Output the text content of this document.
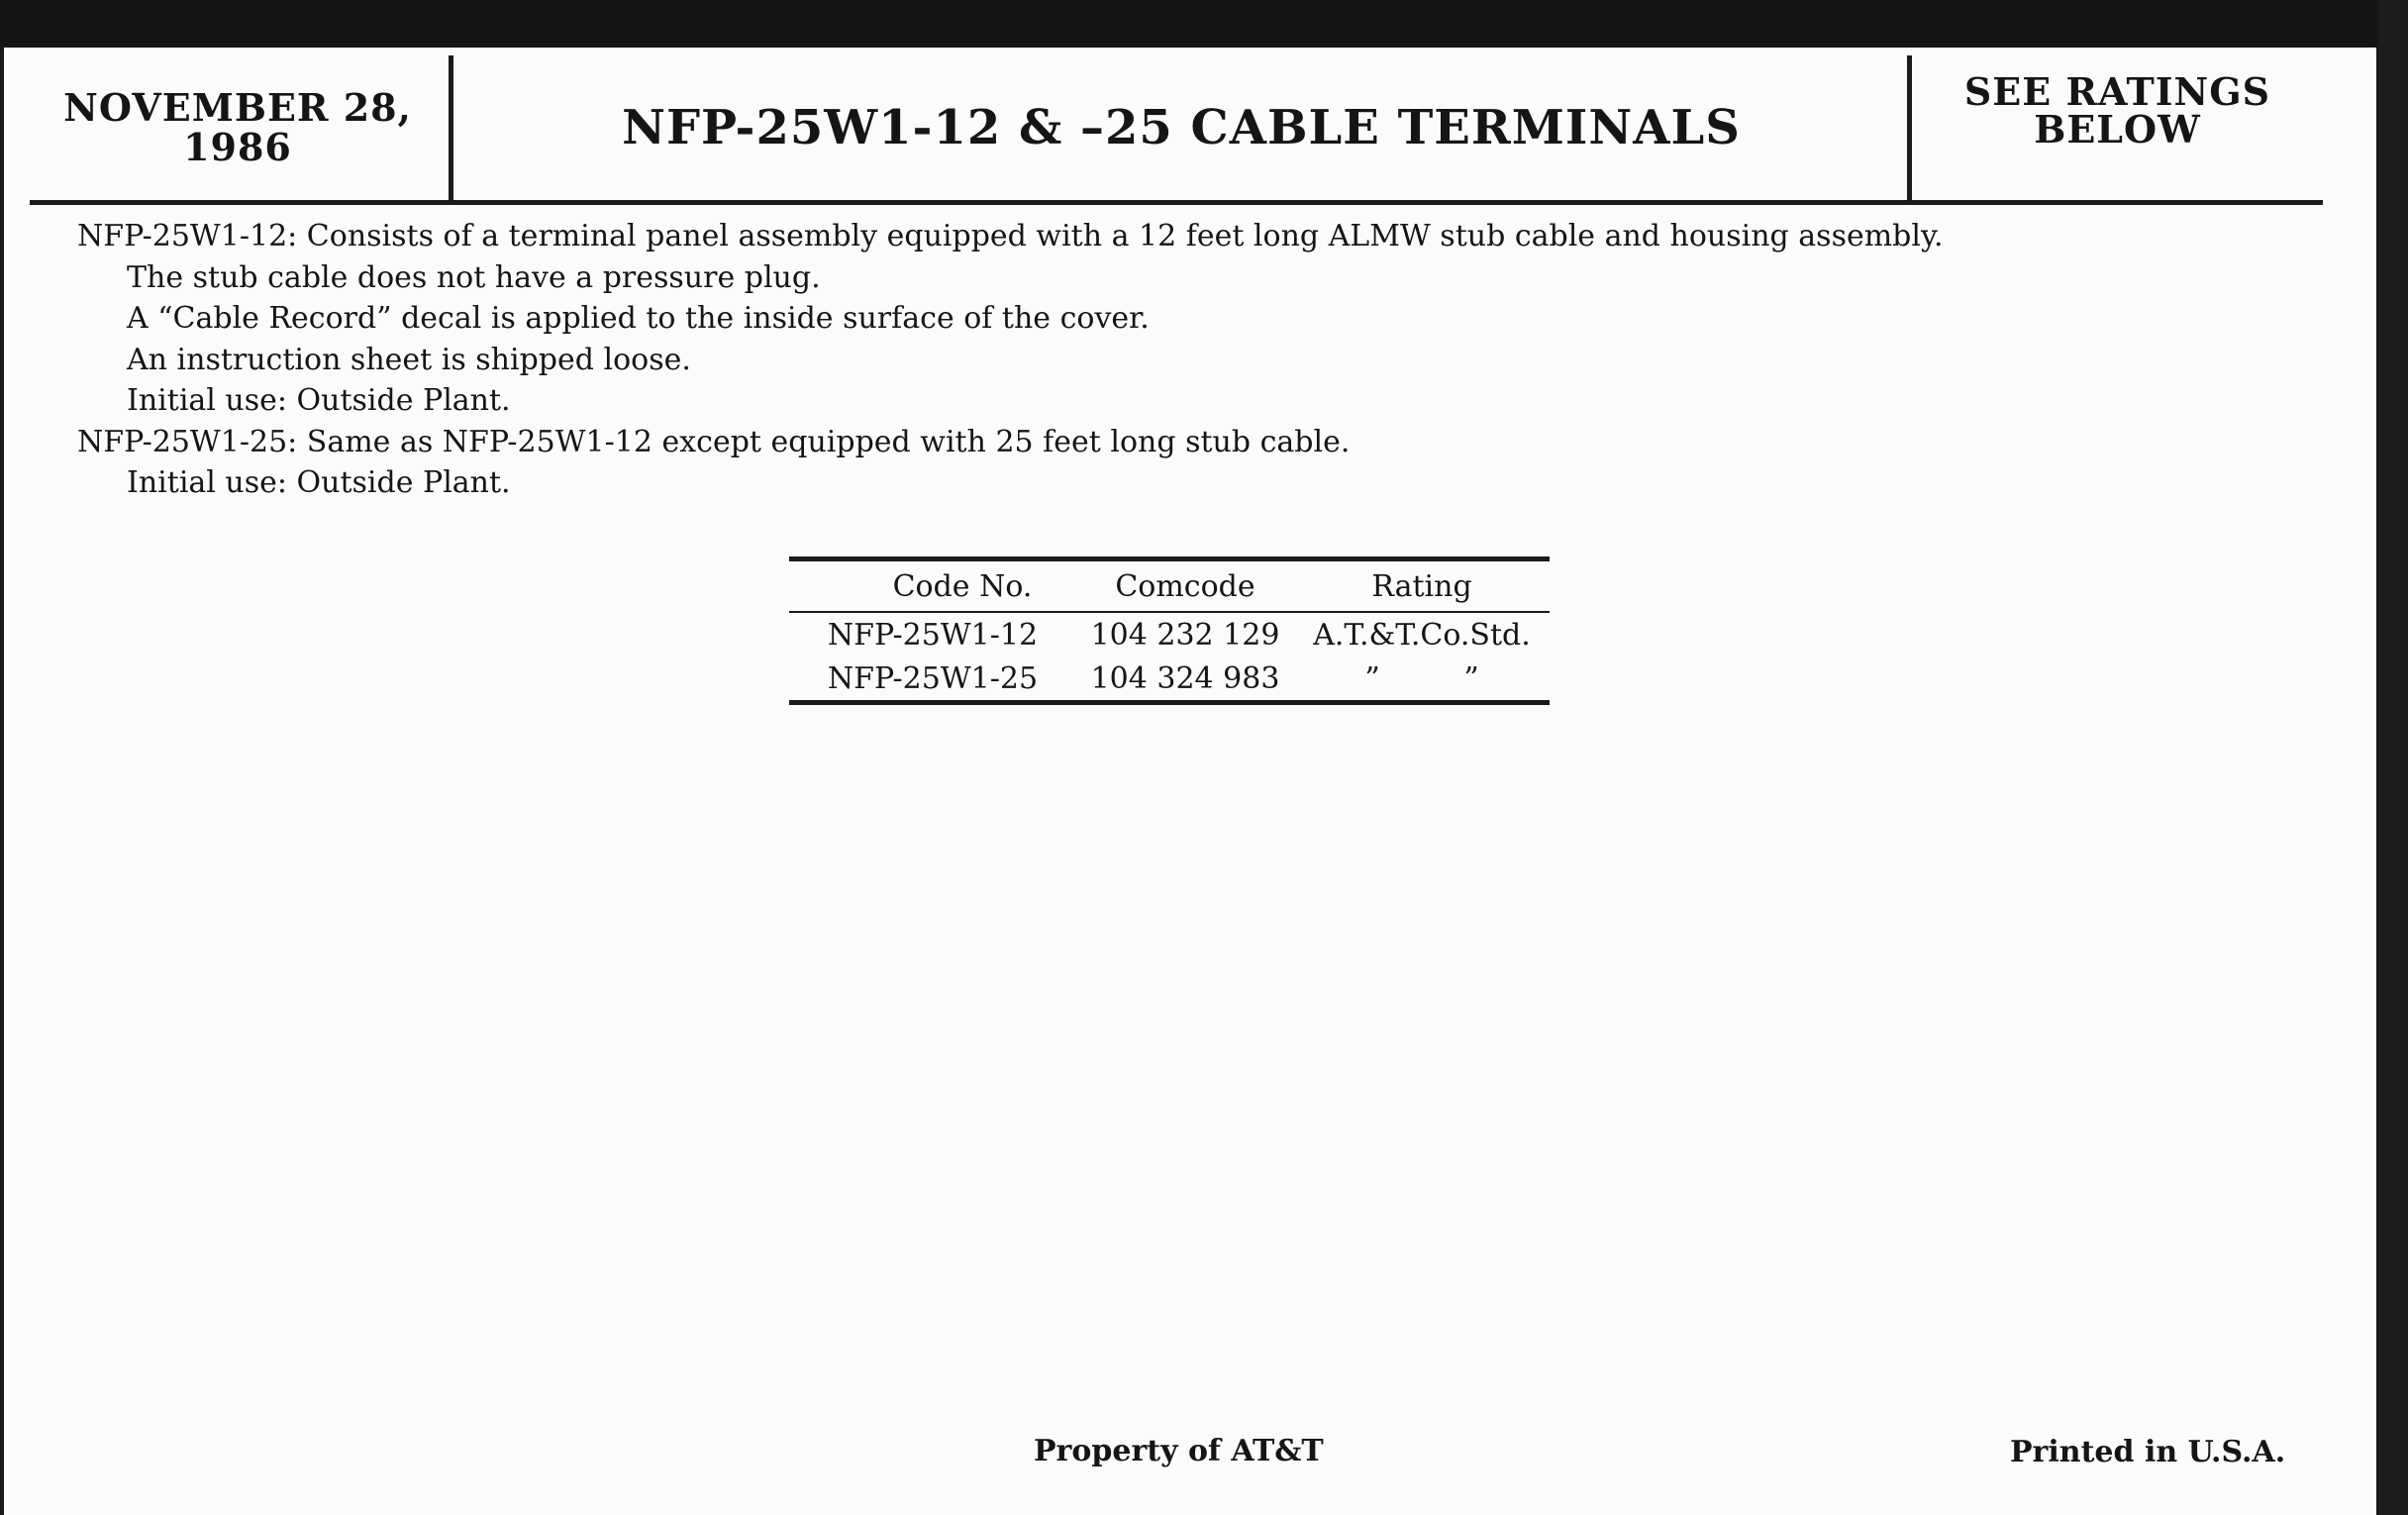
NOVEMBER 28, 1986	NFP-25W1-12 & –25 CABLE TERMINALS
SEE RATINGS BELOW

NFP-25W1-12: Consists of a terminal panel assembly equipped with a 12 feet long ALMW stub cable and housing assembly.

The stub cable does not have a pressure plug.

A “Cable Record” decal is applied to the inside surface of the cover.

An instruction sheet is shipped loose.

Initial use: Outside Plant.

NFP-25W1-25: Same as NFP-25W1-12 except equipped with 25 feet long stub cable.

Initial use: Outside Plant.

Code No.	Comcode	Rating
NFP-25W1-12	104 232 129	A.T.&T.Co.Std.
NFP-25W1-25	104 324 983	” ”
Property of AT&T	Printed in U.S.A.
